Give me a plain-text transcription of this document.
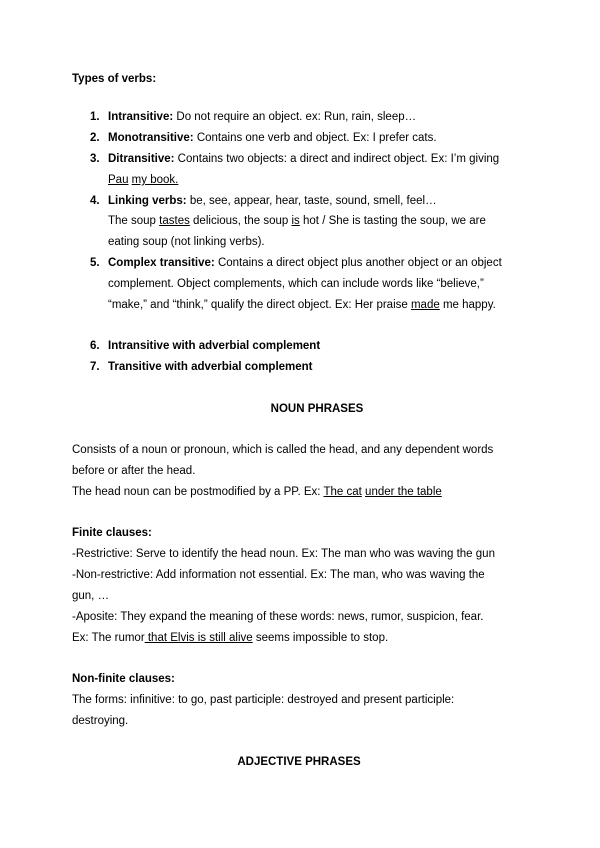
Types of verbs:
1. Intransitive: Do not require an object. ex: Run, rain, sleep…
2. Monotransitive: Contains one verb and object. Ex: I prefer cats.
3. Ditransitive: Contains two objects: a direct and indirect object. Ex: I’m giving
Pau my book.
4. Linking verbs: be, see, appear, hear, taste, sound, smell, feel…
The soup tastes delicious, the soup is hot / She is tasting the soup, we are
eating soup (not linking verbs).
5. Complex transitive: Contains a direct object plus another object or an object
complement. Object complements, which can include words like “believe,”
“make,” and “think,” qualify the direct object. Ex: Her praise made me happy.
6. Intransitive with adverbial complement
7. Transitive with adverbial complement
NOUN PHRASES
Consists of a noun or pronoun, which is called the head, and any dependent words
before or after the head.
The head noun can be postmodified by a PP. Ex: The cat under the table
Finite clauses:
-Restrictive: Serve to identify the head noun. Ex: The man who was waving the gun
-Non-restrictive: Add information not essential. Ex: The man, who was waving the
gun, …
-Aposite: They expand the meaning of these words: news, rumor, suspicion, fear.
Ex: The rumor that Elvis is still alive seems impossible to stop.
Non-finite clauses:
The forms: infinitive: to go, past participle: destroyed and present participle:
destroying.
ADJECTIVE PHRASES
